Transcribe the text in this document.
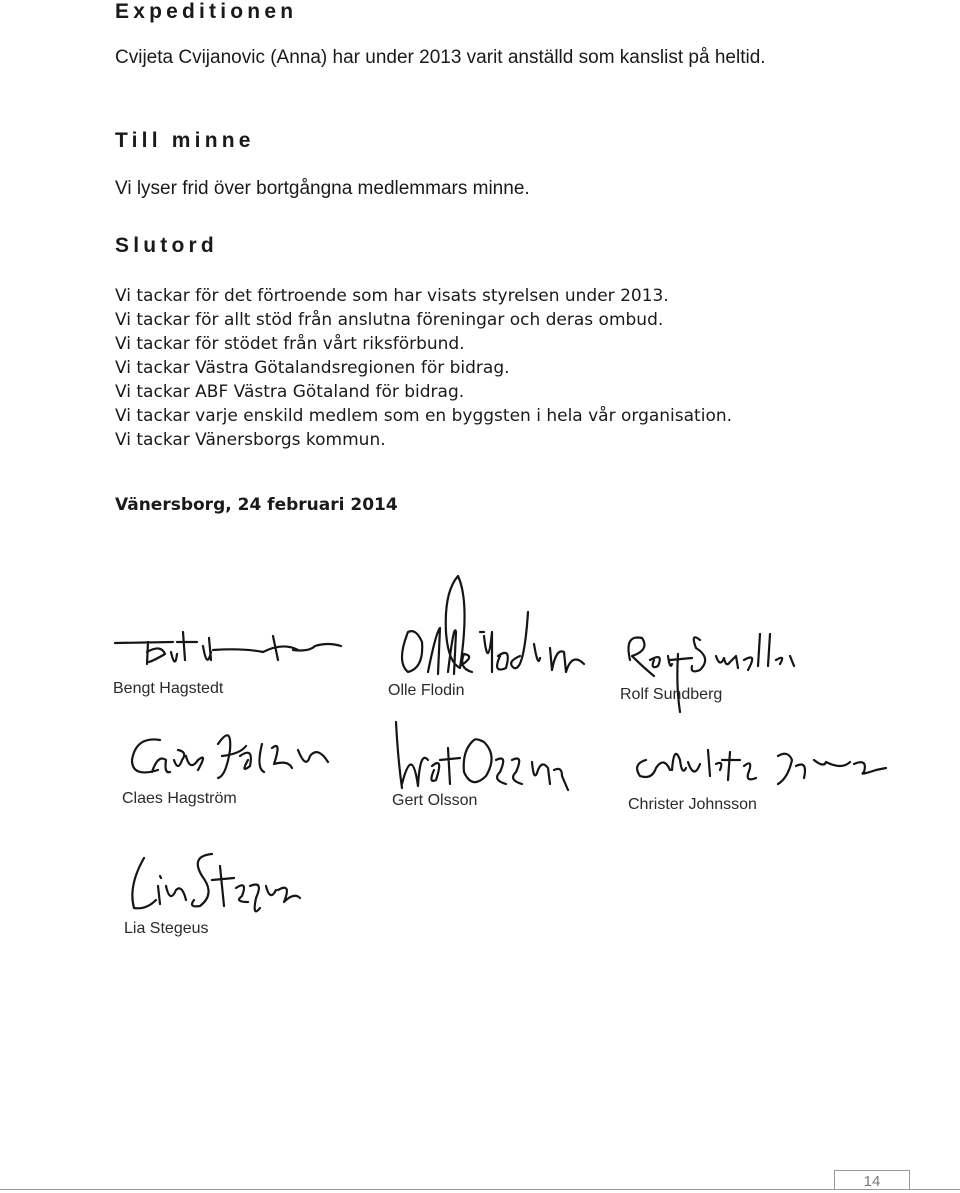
Expeditionen

Cvijeta Cvijanovic (Anna) har under 2013 varit anställd som kanslist på heltid.

Till minne

Vi lyser frid över bortgångna medlemmars minne.

Slutord
Vi tackar för det förtroende som har visats styrelsen under 2013.
Vi tackar för allt stöd från anslutna föreningar och deras ombud.
Vi tackar för stödet från vårt riksförbund.
Vi tackar Västra Götalandsregionen för bidrag.
Vi tackar ABF Västra Götaland för bidrag.
Vi tackar varje enskild medlem som en byggsten i hela vår organisation.
Vi tackar Vänersborgs kommun.

Vänersborg, 24 februari 2014

Bengt Hagstedt	Olle Flodin	Rolf Sundberg
Claes Hagström	Gert Olsson	Christer Johnsson
Lia Stegeus
14
